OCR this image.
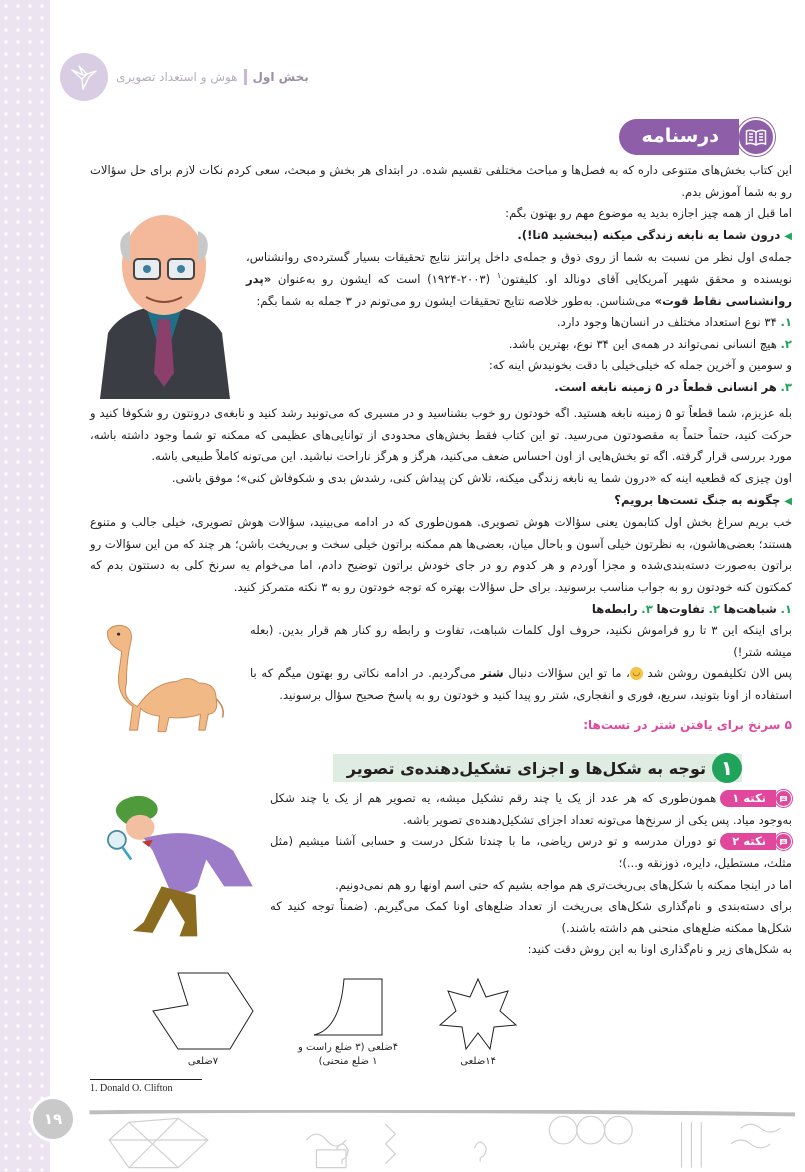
بخش اول
هوش و استعداد تصویری
درسنامه

این کتاب بخش‌های متنوعی داره که به فصل‌ها و مباحث مختلفی تقسیم شده. در ابتدای هر بخش و مبحث، سعی کردم نکات لازم برای حل سؤالات رو به شما آموزش بدم.

اما قبل از همه چیز اجازه بدید یه موضوع مهم رو بهتون بگم:

◀درون شما یه نابغه زندگی میکنه (ببخشید ۵تا!).

جمله‌ی اول نظر من نسبت به شما از روی ذوق و جمله‌ی داخل پرانتز نتایج تحقیقات بسیار گسترده‌ی روانشناس، نویسنده و محقق شهیر آمریکایی آقای دونالد او. کلیفتون$^۱$ (۲۰۰۳-۱۹۲۴) است که ایشون رو به‌عنوان «پدر روانشناسی نقاط قوت» می‌شناسن. به‌طور خلاصه نتایج تحقیقات ایشون رو می‌تونم در ۳ جمله به شما بگم:

۱. ۳۴ نوع استعداد مختلف در انسان‌ها وجود دارد.

۲. هیچ انسانی نمی‌تواند در همه‌ی این ۳۴ نوع، بهترین باشد.

و سومین و آخرین جمله که خیلی‌خیلی با دقت بخونیدش اینه که:

۳. هر انسانی قطعاً در ۵ زمینه نابغه است.

بله عزیزم، شما قطعاً تو ۵ زمینه نابغه هستید. اگه خودتون رو خوب بشناسید و در مسیری که می‌تونید رشد کنید و نابغه‌ی درونتون رو شکوفا کنید و حرکت کنید، حتماً حتماً به مقصودتون می‌رسید. تو این کتاب فقط بخش‌های محدودی از توانایی‌های عظیمی که ممکنه تو شما وجود داشته باشه، مورد بررسی قرار گرفته. اگه تو بخش‌هایی از اون احساس ضعف می‌کنید، هرگز و هرگز ناراحت نباشید. این می‌تونه کاملاً طبیعی باشه.

اون چیزی که قطعیه اینه که «درون شما یه نابغه زندگی میکنه، تلاش کن پیداش کنی، رشدش بدی و شکوفاش کنی»؛ موفق باشی.

◀چگونه به جنگ تست‌ها برویم؟

خب بریم سراغ بخش اول کتابمون یعنی سؤالات هوش تصویری. همون‌طوری که در ادامه می‌بینید، سؤالات هوش تصویری، خیلی جالب و متنوع هستند؛ بعضی‌هاشون، به نظرتون خیلی آسون و باحال میان، بعضی‌ها هم ممکنه براتون خیلی سخت و بی‌ریخت باشن؛ هر چند که من این سؤالات رو براتون به‌صورت دسته‌بندی‌شده و مجزا آوردم و هر کدوم رو در جای خودش براتون توضیح دادم، اما می‌خوام یه سرنخ کلی به دستتون بدم که کمکتون کنه خودتون رو به جواب مناسب برسونید. برای حل سؤالات بهتره که توجه خودتون رو به ۳ نکته متمرکز کنید.

۱. شباهت‌ها ۲. تفاوت‌ها ۳. رابطه‌ها

برای اینکه این ۳ تا رو فراموش نکنید، حروف اول کلمات شباهت، تفاوت و رابطه رو کنار هم قرار بدین. (بعله میشه شتر!)

پس الان تکلیفمون روشن شد ◡، ما تو این سؤالات دنبال شتر می‌گردیم. در ادامه نکاتی رو بهتون میگم که با استفاده از اونا بتونید، سریع، فوری و انفجاری، شتر رو پیدا کنید و خودتون رو به پاسخ صحیح سؤال برسونید.

۵ سرنخ برای یافتن شتر در تست‌ها:

۱
توجه به شکل‌ها و اجزای تشکیل‌دهنده‌ی تصویر

نکته ۱
همون‌طوری که هر عدد از یک یا چند رقم تشکیل میشه، یه تصویر هم از یک یا چند شکل به‌وجود میاد. پس یکی از سرنخ‌ها می‌تونه تعداد اجزای تشکیل‌دهنده‌ی تصویر باشه.

نکته ۲
تو دوران مدرسه و تو درس ریاضی، ما با چندتا شکل درست و حسابی آشنا میشیم (مثل مثلث، مستطیل، دایره، ذوزنقه و...)؛

اما در اینجا ممکنه با شکل‌های بی‌ریخت‌تری هم مواجه بشیم که حتی اسم اونها رو هم نمی‌دونیم.

برای دسته‌بندی و نام‌گذاری شکل‌های بی‌ریخت از تعداد ضلع‌های اونا کمک می‌گیریم. (ضمناً توجه کنید که شکل‌ها ممکنه ضلع‌های منحنی هم داشته باشند.)

به شکل‌های زیر و نام‌گذاری اونا به این روش دقت کنید:

۷ضلعی
۴ضلعی (۳ ضلع راست و
۱ ضلع منحنی)	۱۴ضلعی
1. Donald O. Clifton
۱۹
